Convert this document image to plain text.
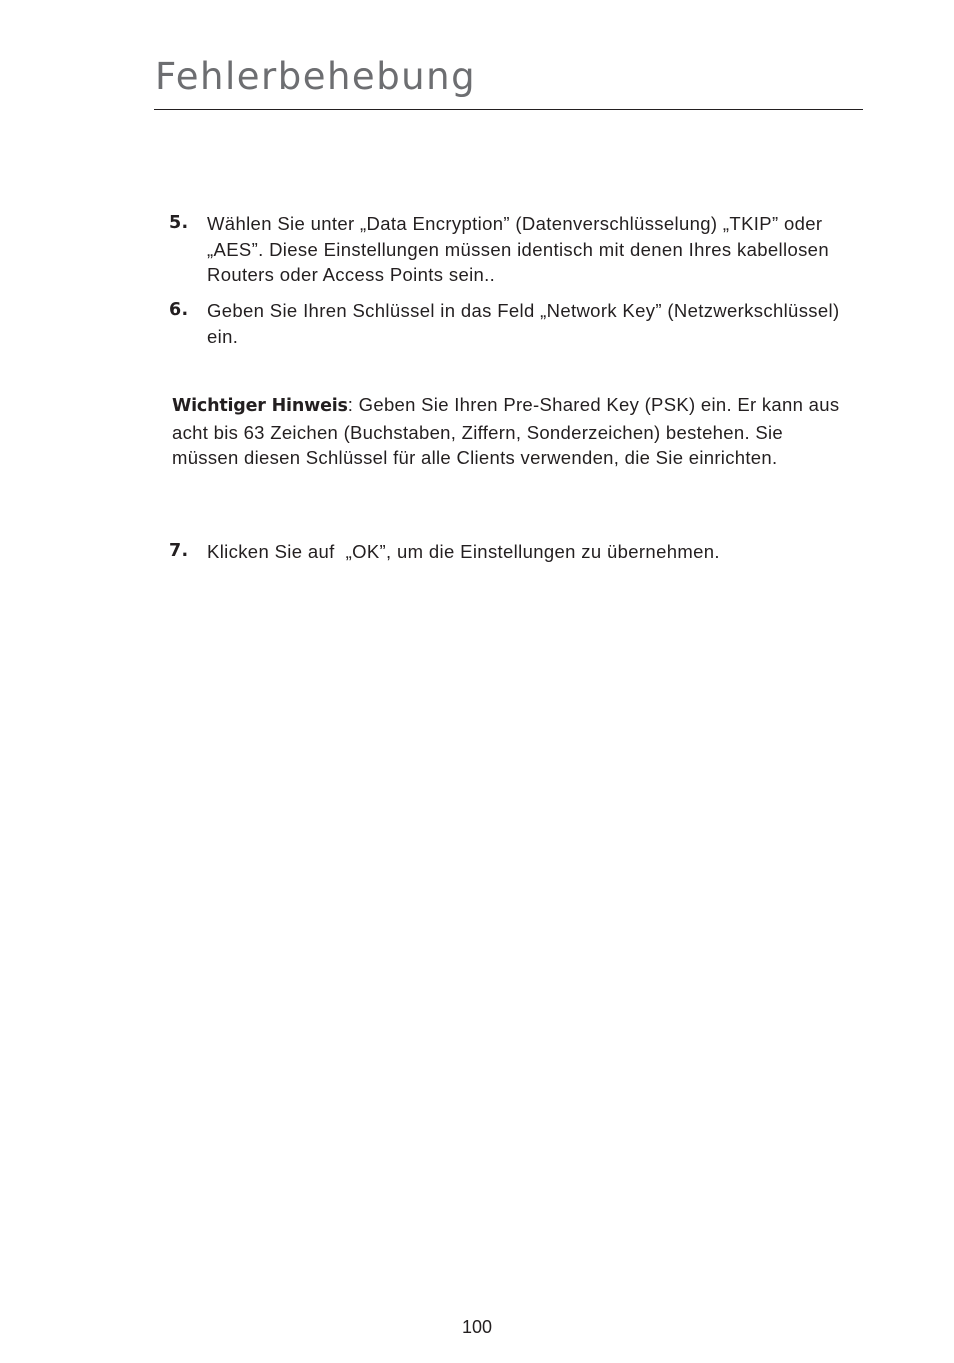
Fehlerbehebung
5. Wählen Sie unter „Data Encryption” (Datenverschlüsselung) „TKIP” oder „AES”. Diese Einstellungen müssen identisch mit denen Ihres kabellosen Routers oder Access Points sein..
6. Geben Sie Ihren Schlüssel in das Feld „Network Key” (Netzwerkschlüssel) ein.
Wichtiger Hinweis: Geben Sie Ihren Pre-Shared Key (PSK) ein. Er kann aus acht bis 63 Zeichen (Buchstaben, Ziffern, Sonderzeichen) bestehen. Sie müssen diesen Schlüssel für alle Clients verwenden, die Sie einrichten.
7. Klicken Sie auf  „OK”, um die Einstellungen zu übernehmen.
100
